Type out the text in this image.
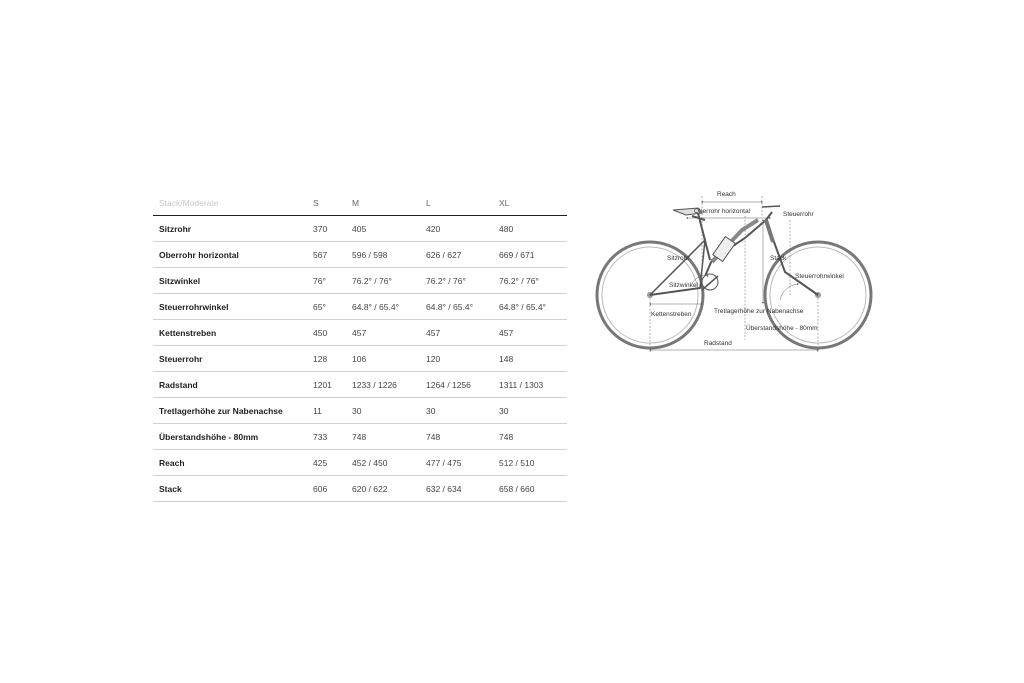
Stack/Moderate	S	M	L	XL
Sitzrohr	370	405	420	480
Oberrohr horizontal	567	596 / 598	626 / 627	669 / 671
Sitzwinkel	76°	76.2° / 76°	76.2° / 76°	76.2° / 76°
Steuerrohrwinkel	65°	64.8° / 65.4°	64.8° / 65.4°	64.8° / 65.4°
Kettenstreben	450	457	457	457
Steuerrohr	128	106	120	148
Radstand	1201	1233 / 1226	1264 / 1256	1311 / 1303
Tretlagerhöhe zur Nabenachse	11	30	30	30
Überstandshöhe - 80mm	733	748	748	748
Reach	425	452 / 450	477 / 475	512 / 510
Stack	606	620 / 622	632 / 634	658 / 660
Reach
Oberrohr horizontal	Steuerrohr
Sitzrohr	Stack
Steuerrohrwinkel
Sitzwinkel
Kettenstreben	Tretlagerhöhe zur Nabenachse
Überstandshöhe - 80mm
Radstand
